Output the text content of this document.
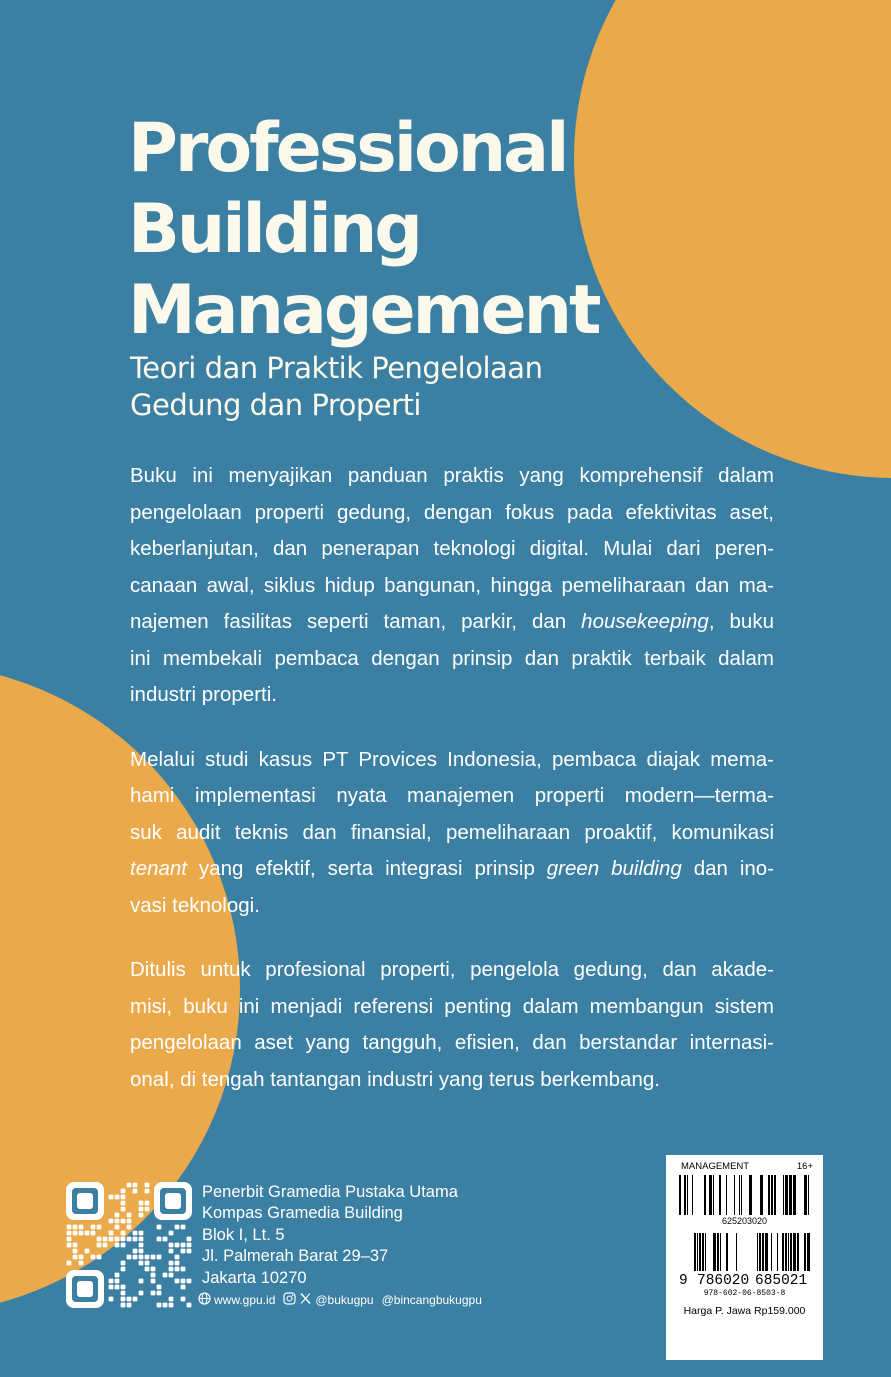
Professional
Building
Management
Teori dan Praktik Pengelolaan
Gedung dan Properti
Buku ini menyajikan panduan praktis yang komprehensif dalam
pengelolaan properti gedung, dengan fokus pada efektivitas aset,
keberlanjutan, dan penerapan teknologi digital. Mulai dari peren-
canaan awal, siklus hidup bangunan, hingga pemeliharaan dan ma-
najemen fasilitas seperti taman, parkir, dan housekeeping, buku
ini membekali pembaca dengan prinsip dan praktik terbaik dalam
industri properti.
Melalui studi kasus PT Provices Indonesia, pembaca diajak mema-
hami implementasi nyata manajemen properti modern—terma-
suk audit teknis dan finansial, pemeliharaan proaktif, komunikasi
tenant yang efektif, serta integrasi prinsip green building dan ino-
vasi teknologi.
Ditulis untuk profesional properti, pengelola gedung, dan akade-
misi, buku ini menjadi referensi penting dalam membangun sistem
pengelolaan aset yang tangguh, efisien, dan berstandar internasi-
onal, di tengah tantangan industri yang terus berkembang.
Penerbit Gramedia Pustaka Utama
Kompas Gramedia Building
Blok I, Lt. 5
Jl. Palmerah Barat 29–37
Jakarta 10270
www.gpu.id	@bukugpu @bincangbukugpu
MANAGEMENT	16+
625203020
9 786020 685021
978-602-06-8503-8
Harga P. Jawa Rp159.000
